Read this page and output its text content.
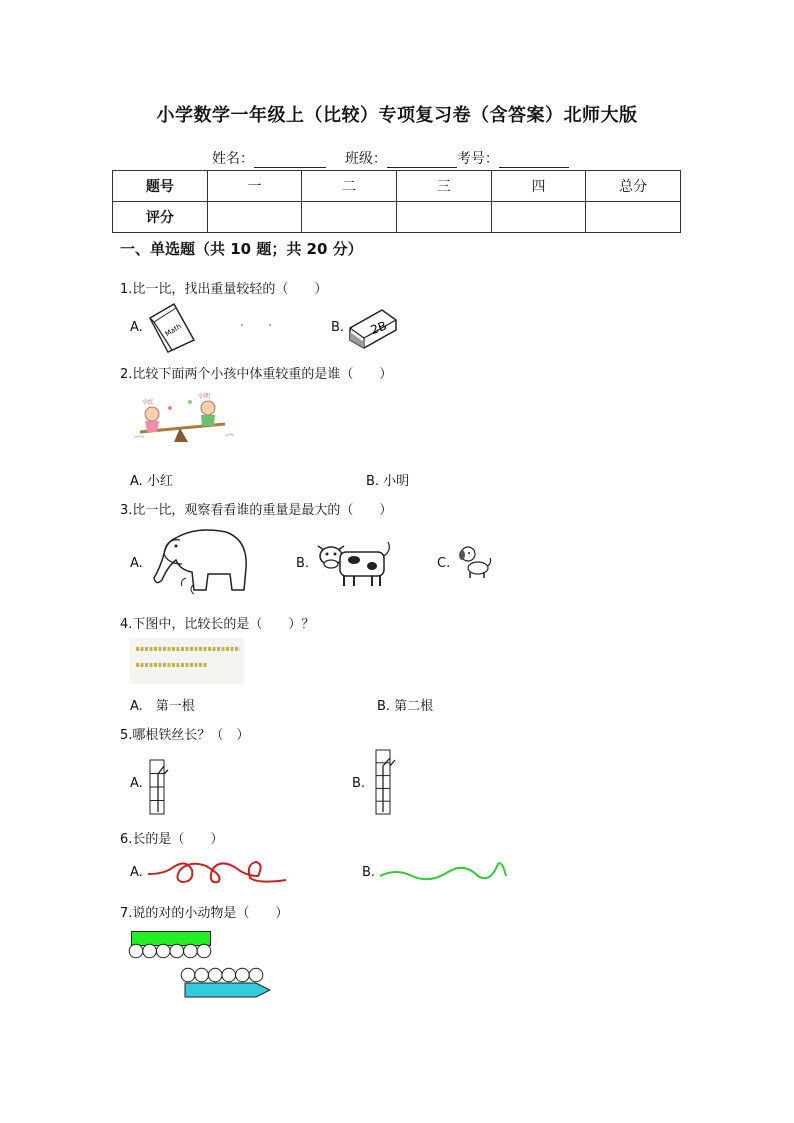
小学数学一年级上（比较）专项复习卷（含答案）北师大版
姓名：	班级：	考号：
题号	一	二	三	四	总分
评分					
一、单选题（共 10 题；共 20 分）
1.比一比，找出重量较轻的（　　）
A.	Math	B. 2B
2.比较下面两个小孩中体重较重的是谁（　　）
小红
小明
A. 小红	B. 小明
3.比一比，观察看看谁的重量是最大的（　　）
A.	B.	C.
4.下图中，比较长的是（　　）？
A.　第一根	B. 第二根
5.哪根铁丝长？（　）
A.	B.
6.长的是（　　）
A.	B.
7.说的对的小动物是（　　）
